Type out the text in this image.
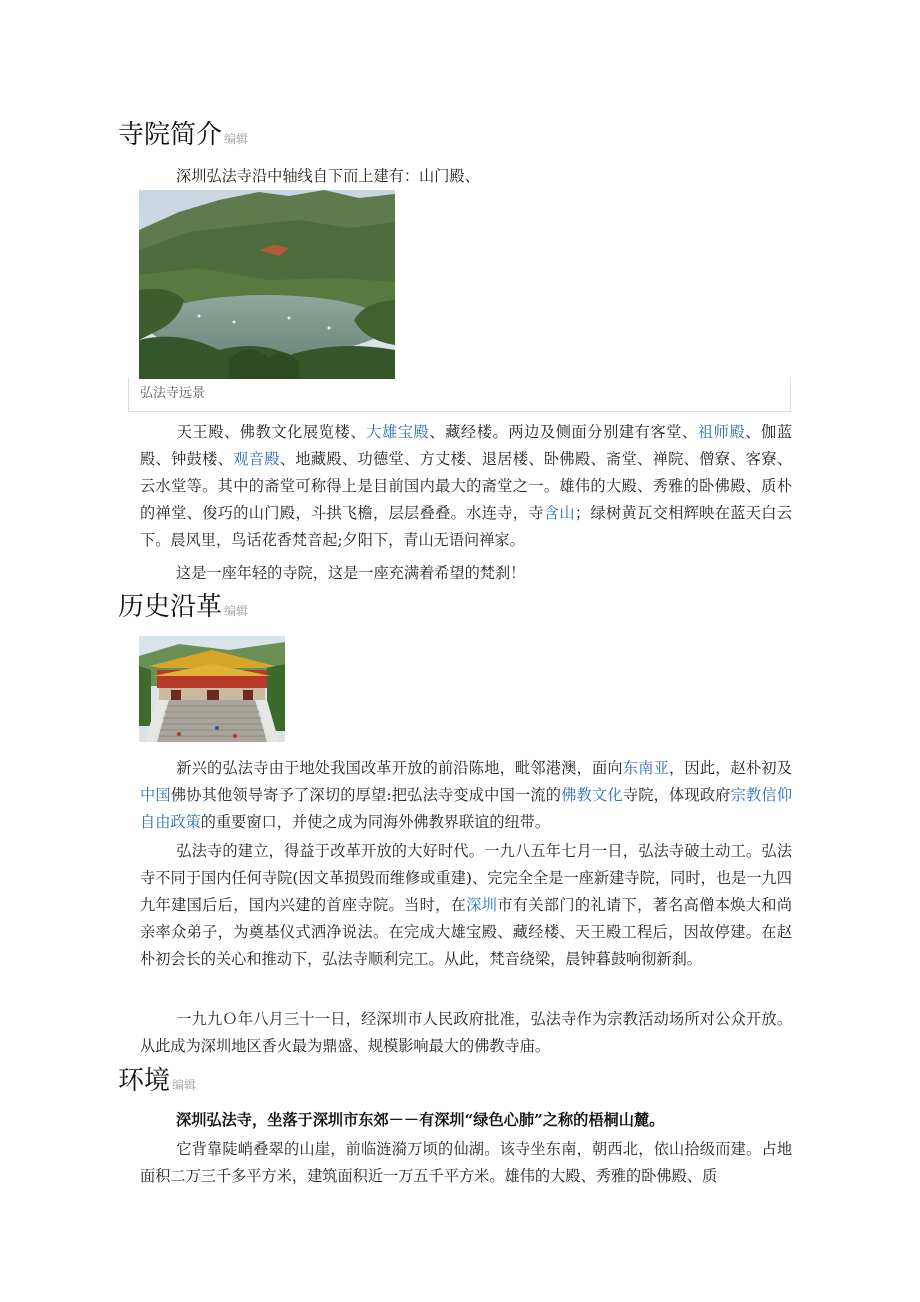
寺院简介 编辑

深圳弘法寺沿中轴线自下而上建有：山门殿、

弘法寺远景

天王殿、佛教文化展览楼、大雄宝殿、藏经楼。两边及侧面分别建有客堂、祖师殿、伽蓝殿、钟鼓楼、观音殿、地藏殿、功德堂、方丈楼、退居楼、卧佛殿、斋堂、禅院、僧寮、客寮、云水堂等。其中的斋堂可称得上是目前国内最大的斋堂之一。雄伟的大殿、秀雅的卧佛殿、质朴的禅堂、俊巧的山门殿，斗拱飞檐，层层叠叠。水连寺，寺含山；绿树黄瓦交相辉映在蓝天白云下。晨风里，鸟话花香梵音起;夕阳下，青山无语问禅家。

这是一座年轻的寺院，这是一座充满着希望的梵刹！

历史沿革 编辑

新兴的弘法寺由于地处我国改革开放的前沿陈地，毗邻港澳，面向东南亚，因此，赵朴初及中国佛协其他领导寄予了深切的厚望:把弘法寺变成中国一流的佛教文化寺院，体现政府宗教信仰自由政策的重要窗口，并使之成为同海外佛教界联谊的纽带。

弘法寺的建立，得益于改革开放的大好时代。一九八五年七月一日，弘法寺破土动工。弘法寺不同于国内任何寺院(因文革损毁而维修或重建)、完完全全是一座新建寺院，同时，也是一九四九年建国后后，国内兴建的首座寺院。当时，在深圳市有关部门的礼请下，著名高僧本焕大和尚亲率众弟子，为奠基仪式洒净说法。在完成大雄宝殿、藏经楼、天王殿工程后，因故停建。在赵朴初会长的关心和推动下，弘法寺顺利完工。从此，梵音绕梁，晨钟暮鼓响彻新刹。

一九九Ｏ年八月三十一日，经深圳市人民政府批准，弘法寺作为宗教活动场所对公众开放。从此成为深圳地区香火最为鼎盛、规模影响最大的佛教寺庙。

环境 编辑

深圳弘法寺，坐落于深圳市东郊－－有深圳“绿色心肺”之称的梧桐山麓。

它背靠陡峭叠翠的山崖，前临涟漪万顷的仙湖。该寺坐东南，朝西北，依山拾级而建。占地面积二万三千多平方米，建筑面积近一万五千平方米。雄伟的大殿、秀雅的卧佛殿、质
